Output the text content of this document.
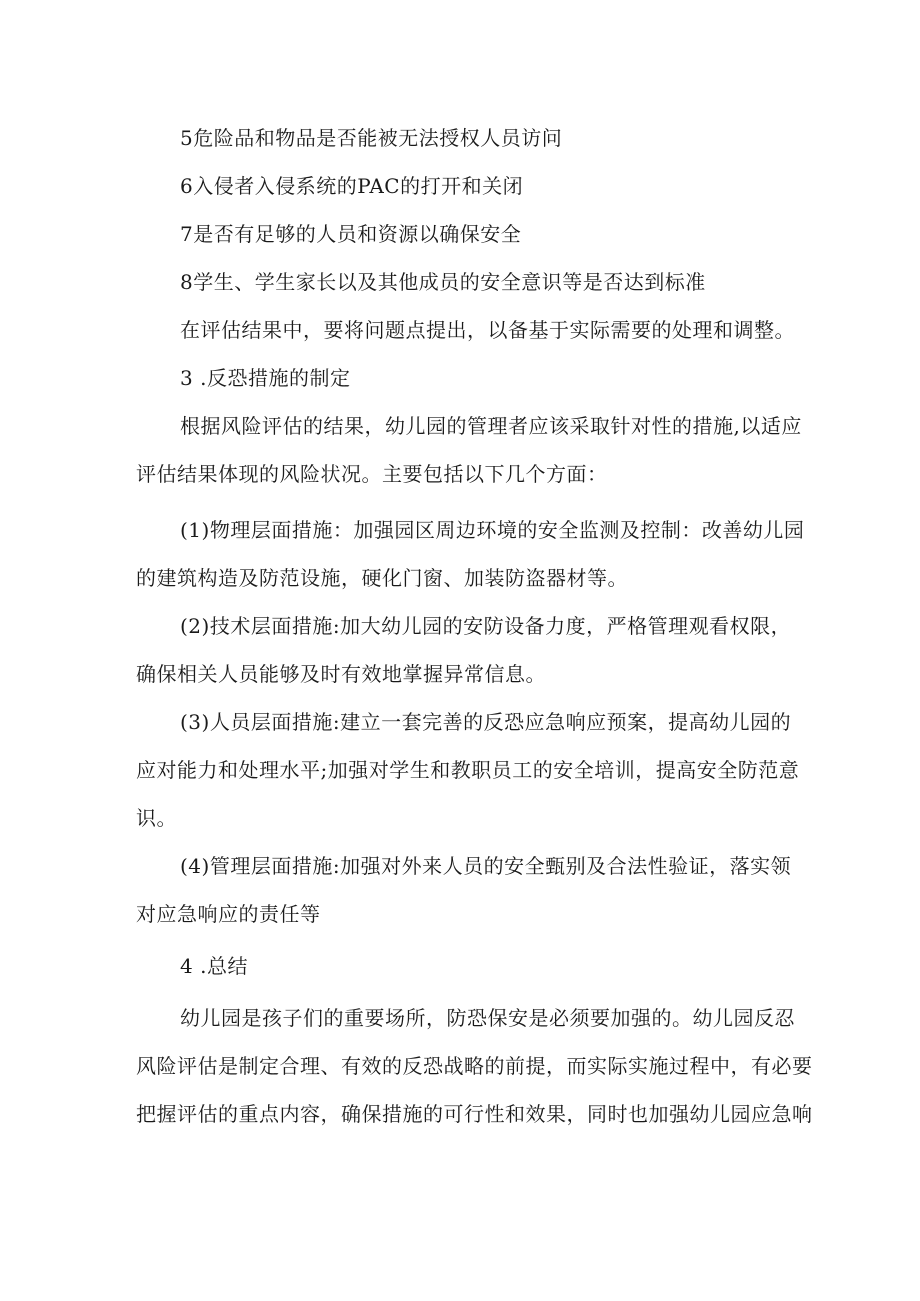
5危险品和物品是否能被无法授权人员访问

6入侵者入侵系统的PAC的打开和关闭

7是否有足够的人员和资源以确保安全

8学生、学生家长以及其他成员的安全意识等是否达到标准

在评估结果中，要将问题点提出，以备基于实际需要的处理和调整。

3 .反恐措施的制定

根据风险评估的结果，幼儿园的管理者应该采取针对性的措施,以适应

评估结果体现的风险状况。主要包括以下几个方面：

(1)物理层面措施：加强园区周边环境的安全监测及控制：改善幼儿园

的建筑构造及防范设施，硬化门窗、加装防盗器材等。

(2)技术层面措施:加大幼儿园的安防设备力度，严格管理观看权限，

确保相关人员能够及时有效地掌握异常信息。

(3)人员层面措施:建立一套完善的反恐应急响应预案，提高幼儿园的

应对能力和处理水平;加强对学生和教职员工的安全培训，提高安全防范意

识。

(4)管理层面措施:加强对外来人员的安全甄别及合法性验证，落实领

对应急响应的责任等

4 .总结

幼儿园是孩子们的重要场所，防恐保安是必须要加强的。幼儿园反忍

风险评估是制定合理、有效的反恐战略的前提，而实际实施过程中，有必要

把握评估的重点内容，确保措施的可行性和效果，同时也加强幼儿园应急响
